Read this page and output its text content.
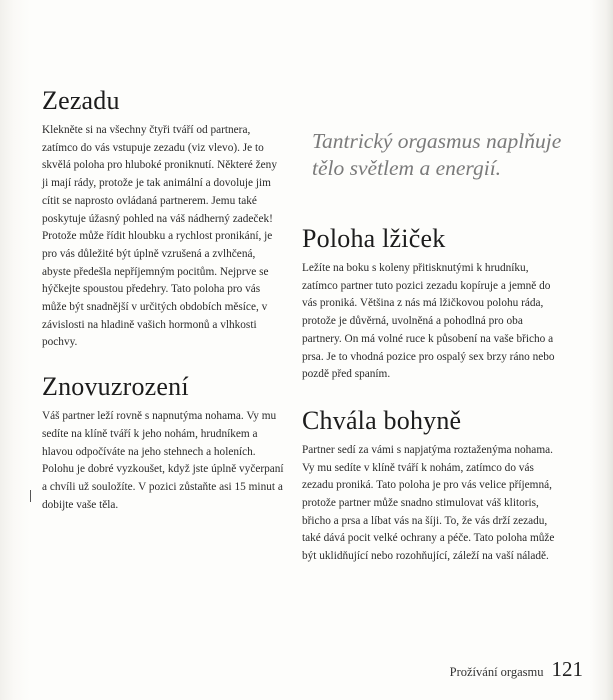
Zezadu

Klekněte si na všechny čtyři tváří od partnera, zatímco do vás vstupuje zezadu (viz vlevo). Je to skvělá poloha pro hluboké proniknutí. Některé ženy ji mají rády, protože je tak animální a dovoluje jim cítit se naprosto ovládaná partnerem. Jemu také poskytuje úžasný pohled na váš nádherný zadeček! Protože může řídit hloubku a rychlost pronikání, je pro vás důležité být úplně vzrušená a zvlhčená, abyste předešla nepříjemným pocitům. Nejprve se hýčkejte spoustou předehry. Tato poloha pro vás může být snadnější v určitých obdobích měsíce, v závislosti na hladině vašich hormonů a vlhkosti pochvy.

Znovuzrození

Váš partner leží rovně s napnutýma nohama. Vy mu sedíte na klíně tváří k jeho nohám, hrudníkem a hlavou odpočíváte na jeho stehnech a holeních. Polohu je dobré vyzkoušet, když jste úplně vyčerpaní a chvíli už souložíte. V pozici zůstaňte asi 15 minut a dobijte vaše těla.

Tantrický orgasmus naplňuje tělo světlem a energií.
Poloha lžiček

Ležíte na boku s koleny přitisknutými k hrudníku, zatímco partner tuto pozici zezadu kopíruje a jemně do vás proniká. Většina z nás má lžičkovou polohu ráda, protože je důvěrná, uvolněná a pohodlná pro oba partnery. On má volné ruce k působení na vaše břicho a prsa. Je to vhodná pozice pro ospalý sex brzy ráno nebo pozdě před spaním.

Chvála bohyně

Partner sedí za vámi s napjatýma roztaženýma nohama. Vy mu sedíte v klíně tváří k nohám, zatímco do vás zezadu proniká. Tato poloha je pro vás velice příjemná, protože partner může snadno stimulovat váš klitoris, břicho a prsa a líbat vás na šíji. To, že vás drží zezadu, také dává pocit velké ochrany a péče. Tato poloha může být uklidňující nebo rozohňující, záleží na vaší náladě.

Prožívání orgasmu 121
